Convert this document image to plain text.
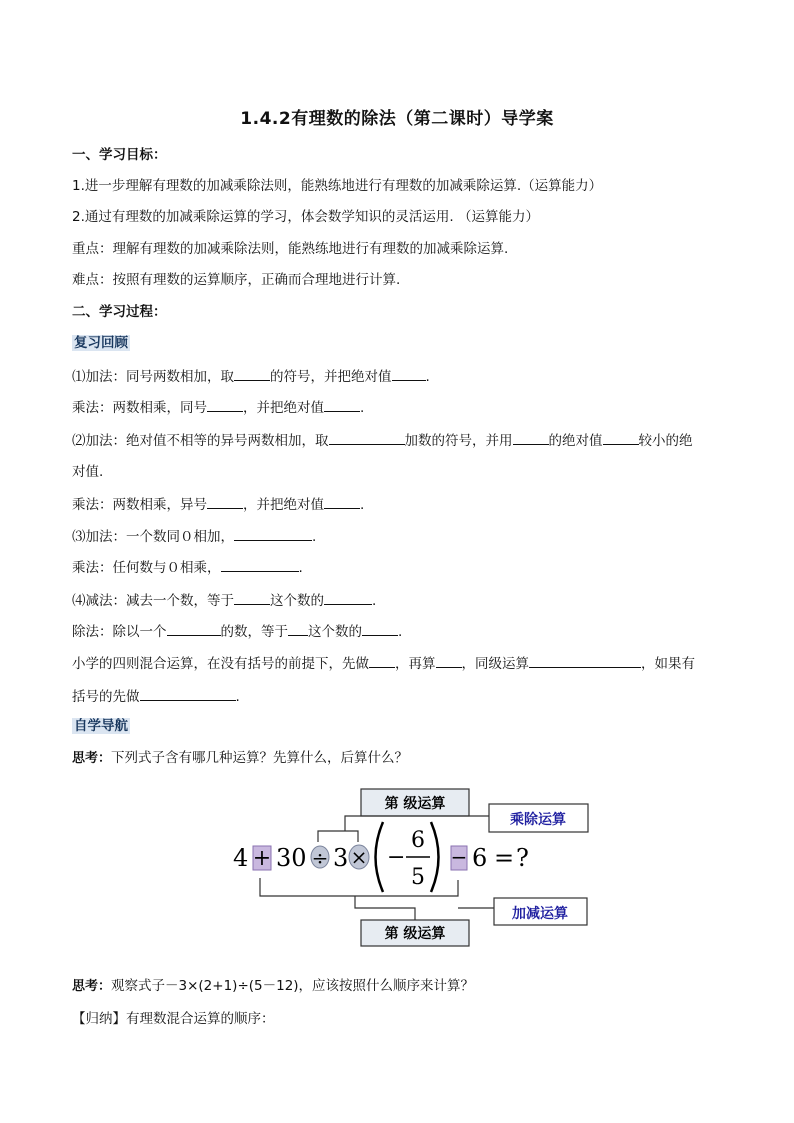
1.4.2有理数的除法（第二课时）导学案
一、学习目标：
1.进一步理解有理数的加减乘除法则，能熟练地进行有理数的加减乘除运算.（运算能力）
2.通过有理数的加减乘除运算的学习，体会数学知识的灵活运用. （运算能力）
重点：理解有理数的加减乘除法则，能熟练地进行有理数的加减乘除运算.
难点：按照有理数的运算顺序，正确而合理地进行计算.
二、学习过程：
复习回顾
⑴加法：同号两数相加，取	的符号，并把绝对值	.
乘法：两数相乘，同号	，并把绝对值	.
⑵加法：绝对值不相等的异号两数相加，取	加数的符号，并用	的绝对值	较小的绝
对值.
乘法：两数相乘，异号	，并把绝对值	.
⑶加法：一个数同０相加，	.
乘法：任何数与０相乘，	.
⑷减法：减去一个数，等于	这个数的	.
除法：除以一个	的数，等于 这个数的	.
小学的四则混合运算，在没有括号的前提下，先做 ，再算 ，同级运算	，如果有
括号的先做	.
自学导航
思考：下列式子含有哪几种运算？先算什么，后算什么？
第 级运算
第 级运算
乘除运算
加减运算
4 + 30 ÷ 3 × −
6
5
− 6 = ?
思考：观察式子－3×(2+1)÷(5－12)，应该按照什么顺序来计算？
【归纳】有理数混合运算的顺序：
